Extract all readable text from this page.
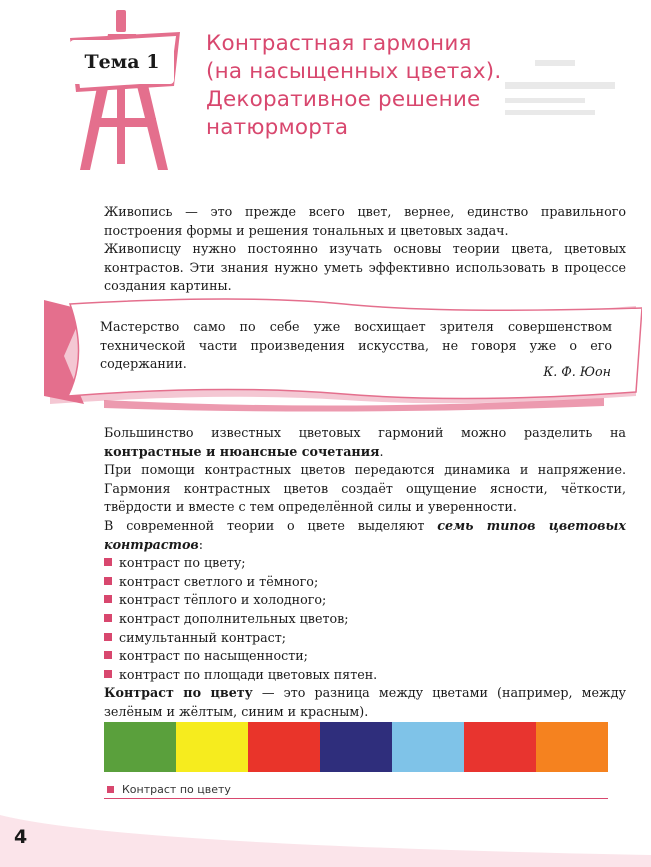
Тема 1
Контрастная гармония
(на насыщенных цветах).
Декоративное решение
натюрморта
Живопись — это прежде всего цвет, вернее, единство правильного построения формы и решения тональных и цветовых задач.
Живописцу нужно постоянно изучать основы теории цвета, цветовых контрастов. Эти знания нужно уметь эффективно использовать в процессе создания картины.
Мастерство само по себе уже восхищает зрителя совершенством технической части произведения искусства, не говоря уже о его содержании.
К. Ф. Юон

Большинство известных цветовых гармоний можно разделить на контрастные и нюансные сочетания.

При помощи контрастных цветов передаются динамика и напряжение. Гармония контрастных цветов создаёт ощущение ясности, чёткости, твёрдости и вместе с тем определённой силы и уверенности.

В современной теории о цвете выделяют семь типов цветовых контрастов:

контраст по цвету;
контраст светлого и тёмного;
контраст тёплого и холодного;
контраст дополнительных цветов;
симультанный контраст;
контраст по насыщенности;
контраст по площади цветовых пятен.

Контраст по цвету — это разница между цветами (например, между зелёным и жёлтым, синим и красным).

Контраст по цвету
4
